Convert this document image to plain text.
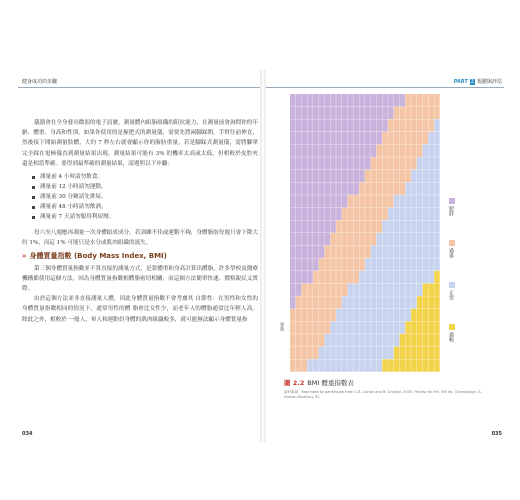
健身成功的步驟

儀器會在全身發出微弱的電子訊號，測量體內組脂組織的阻抗能力。在測量前會詢問你的年齡、體重、身高和性別，如果你使用的是握把式的測量儀，需要先將兩腳踩開，手臂往前伸直，然後接下開始測量肢體，大約 7 秒左右就會顯示你的脂肪重量。若是腳踩式測量儀，需將腳掌完全踩在電極儀直到測量結果出現。測量結果可能有 3% 的機率太高或太低，但相較於皮腔夾還是相當準確。要得到最準確的測量結果，請遵照以下步驟：

測量前 4 小時請勿飲食。
測量前 12 小時請勿運動。
測量前 30 分鐘請先排尿。
測量前 48 小時請勿飲酒。
測量前 7 天請勿服用利尿劑。

每六至八週應再測量一次身體組成成分。若訓練不佳或運動不夠，身體脂肪每週只會下降大約 1%，而這 1% 可能只是水分或肌肉組織的流失。

» 身體質量指數 (Body Mass Index, BMI)

第三個身體質量指數並不算直接的測量方式，是靠體重和身高計算出體脂，許多學校及醫療機構都使用這個方法，因為身體質量指數相體脂密切相關，而這個方法簡單快速、價格親民又實際。

由於這個方法並非直接測量人體，因此身體質量指數不會考慮其 自節性：在男性和女性的身體質量指數相同的情況下，通常男性的體 脂會比女性少，而老年人的體脂通常比年輕人高。除此之外，相較於 一般人，軍人和運動員身體的肌肉組織較多，就可能無法顯示身體質量指

034
PART 2 規劃與評估
身高
肥胖
過重
正常
過輕
圖 2.2 BMI 體重指數表
資料來源：Reprinted by permission from C.B. Corbin and R. Lindsey, 2005, Fitness for life, 5th ed. (Champaign, IL: Human Kinetics), 91.
035
